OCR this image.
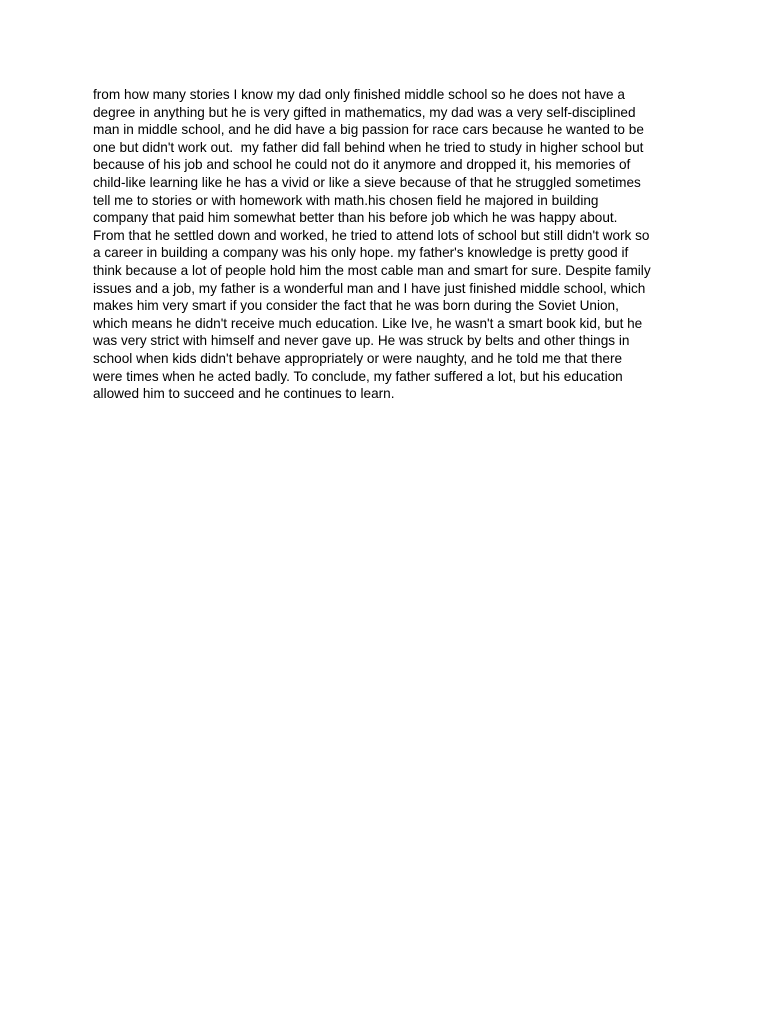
from how many stories I know my dad only finished middle school so he does not have a
degree in anything but he is very gifted in mathematics, my dad was a very self-disciplined
man in middle school, and he did have a big passion for race cars because he wanted to be
one but didn't work out.  my father did fall behind when he tried to study in higher school but
because of his job and school he could not do it anymore and dropped it, his memories of
child-like learning like he has a vivid or like a sieve because of that he struggled sometimes
tell me to stories or with homework with math.his chosen field he majored in building
company that paid him somewhat better than his before job which he was happy about.
From that he settled down and worked, he tried to attend lots of school but still didn't work so
a career in building a company was his only hope. my father's knowledge is pretty good if
think because a lot of people hold him the most cable man and smart for sure. Despite family
issues and a job, my father is a wonderful man and I have just finished middle school, which
makes him very smart if you consider the fact that he was born during the Soviet Union,
which means he didn't receive much education. Like Ive, he wasn't a smart book kid, but he
was very strict with himself and never gave up. He was struck by belts and other things in
school when kids didn't behave appropriately or were naughty, and he told me that there
were times when he acted badly. To conclude, my father suffered a lot, but his education
allowed him to succeed and he continues to learn.
